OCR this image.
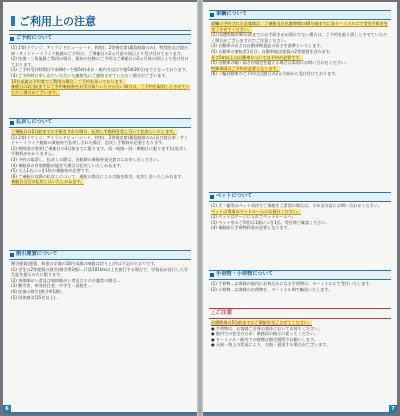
ご利用上の注意
ご予約について

(1) 1等(ラウンジ、アイランドビューシート、和室)、2等指定席(桑島航路のみ)、特別室及び寝台車・サイドトートライク航路のご予約は、ご乗船日の2ヵ月前の同日より受け付けております。

(2) 往復・三角航路ご利用の場合、最初の往路のご予約はご乗船日の2ヵ月前の同日より受け付けております。

(3) ご予約受付時間は午前9時〜午後5時(本社・梅内支店は午後5時30分)までとなっております。

(4) ご予約時に申し出ていただいた連絡先にご連絡させていただく場合がございます。

15名未満の予約客でご利用の場合、ご予約を承っております。

乗船日の2日前までにご予約乗船券をお受け取りいただかない場合は、ご予約を取消しとさせていただく場合がございます。

払戻しについて

ご乗船日の2日前までに手続きされた場合、払戻し手数料を差し引いて払戻しいたします。

(1) 1等(ラウンジ、アイランドビューシート、和室)、2等指定席(桑島航路のみ)及び寝台車・サイドトートライク航路の乗船券で払戻しされた場合、払戻し手数料が必要となります。

(2) 時間帯の変更(ご乗船日の3日前までに限ります。同一航路・同一乗船日に限ります)は払戻し手数料がかかりません。

(3) 予約の取消し、払戻しの際は、各航路の乗船券発売窓口にお申し出ください。

(4) 乗船券の有効期限が過ぎた場合は払戻しいたしかねます。

(5) 大人1名につき1枚の乗船券が必要です。

(6) ご乗船日以降の払戻しについて、運航の都合による欠航を除き、払戻しをいたしかねます。

乗船日当日の払戻しはいたしかねます。

割引運賃について

割引運賃(運賃、料金の半額の10円未満の端数は切り上げ)は下記のとおりです。

(1) 学生の2等運賃の割引(割引率2割)…片道101km以上を旅行する場合で、学校長が発行した学生証を提示の方に限ります。

(2) 身体障がい者及び知的障がい者及びその介護者の割引…

(3) 勤労者、単身赴任者、中学生・高校生…

(4) 往復の割引(割引率1割)…

(5) 団体割引(15名以上)…

6
車輌について

車輌の予約されたお客様は、ご乗船当日出港時間の40分前までに各ターミナルにて受付手続きを完了させてください。

(2) 出港時刻の40分前までにお手続きがお済みでない場合は、ご予約を取り消しとさせていただく場合がございますのでご注意ください。

(3) 自動車の長さは自動車検査証の長さを基準といたします。

(4) 自動車の運転者1名は、自動車航送運賃の2等運賃を含みます。

長さ5m以上の自動車については予約が必要です。

(5) 自動車の幅・高さが規定を超える場合は事前にお問い合わせください。

特殊車両はご予約が必要となります。

(6) 二輪自動車のご予約は出港日の2ヵ月前から受け付けております。

ペットについて

(1) 犬・猫等のペット同伴でご乗船をご希望の場合は、予め各支店にお問い合わせください。

ペットは専用のペットルームにお預けください。

(2) ペットはケージに入れてペットルームへ。

(3) ペット室のご利用は1頭につき1匹、受付時ご確認ください。

(4) 乗船前に手荷物料金が必要となります。

手荷物・小荷物について

(1) 手荷物…お客様が船内にお持込みになる手荷物は、ターミナルにて受付いたします。

(2) 小荷物…お客様のお荷物を、ターミナル間で輸送いたします。

△ご注意

出港時刻の5分前までにご乗船を完了させてください。

● 手荷物は、お客様ご自身の責任においてお持ちください。

● 船内での安全のため、乗務員の指示に従ってください。

● ターミナル・船内での喫煙は指定場所でお願いします。

● 天候・海上の状況により、欠航・遅延する場合がございます。

7
